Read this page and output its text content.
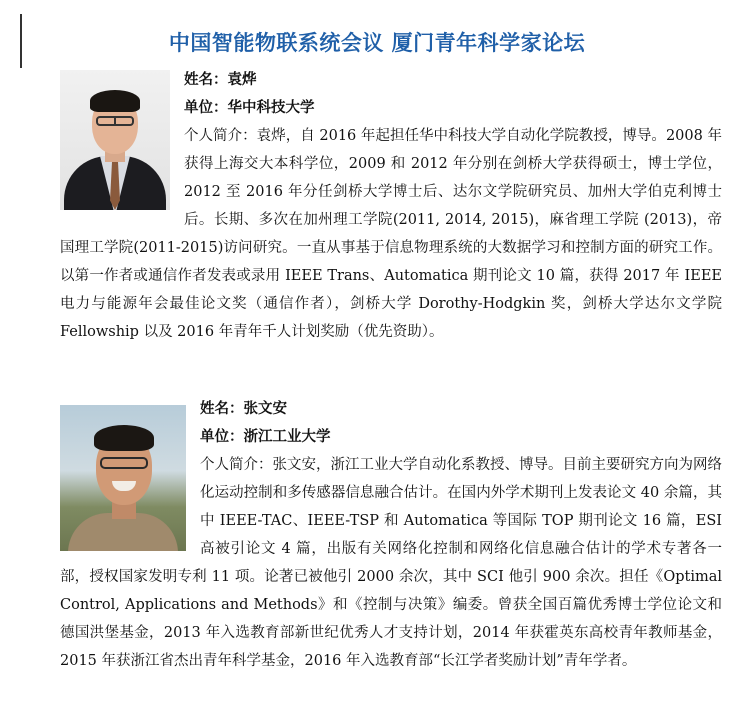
中国智能物联系统会议 厦门青年科学家论坛

姓名：袁烨

单位：华中科技大学

个人简介：袁烨，自 2016 年起担任华中科技大学自动化学院教授，博导。2008 年获得上海交大本科学位，2009 和 2012 年分别在剑桥大学获得硕士，博士学位，2012 至 2016 年分任剑桥大学博士后、达尔文学院研究员、加州大学伯克利博士后。长期、多次在加州理工学院(2011, 2014, 2015)，麻省理工学院 (2013)，帝国理工学院(2011-2015)访问研究。一直从事基于信息物理系统的大数据学习和控制方面的研究工作。以第一作者或通信作者发表或录用 IEEE Trans、Automatica 期刊论文 10 篇，获得 2017 年 IEEE 电力与能源年会最佳论文奖（通信作者），剑桥大学 Dorothy-Hodgkin 奖，剑桥大学达尔文学院 Fellowship 以及 2016 年青年千人计划奖励（优先资助）。

姓名：张文安

单位：浙江工业大学

个人简介：张文安，浙江工业大学自动化系教授、博导。目前主要研究方向为网络化运动控制和多传感器信息融合估计。在国内外学术期刊上发表论文 40 余篇，其中 IEEE-TAC、IEEE-TSP 和 Automatica 等国际 TOP 期刊论文 16 篇，ESI 高被引论文 4 篇，出版有关网络化控制和网络化信息融合估计的学术专著各一部，授权国家发明专利 11 项。论著已被他引 2000 余次，其中 SCI 他引 900 余次。担任《Optimal Control, Applications and Methods》和《控制与决策》编委。曾获全国百篇优秀博士学位论文和德国洪堡基金，2013 年入选教育部新世纪优秀人才支持计划，2014 年获霍英东高校青年教师基金，2015 年获浙江省杰出青年科学基金，2016 年入选教育部“长江学者奖励计划”青年学者。
